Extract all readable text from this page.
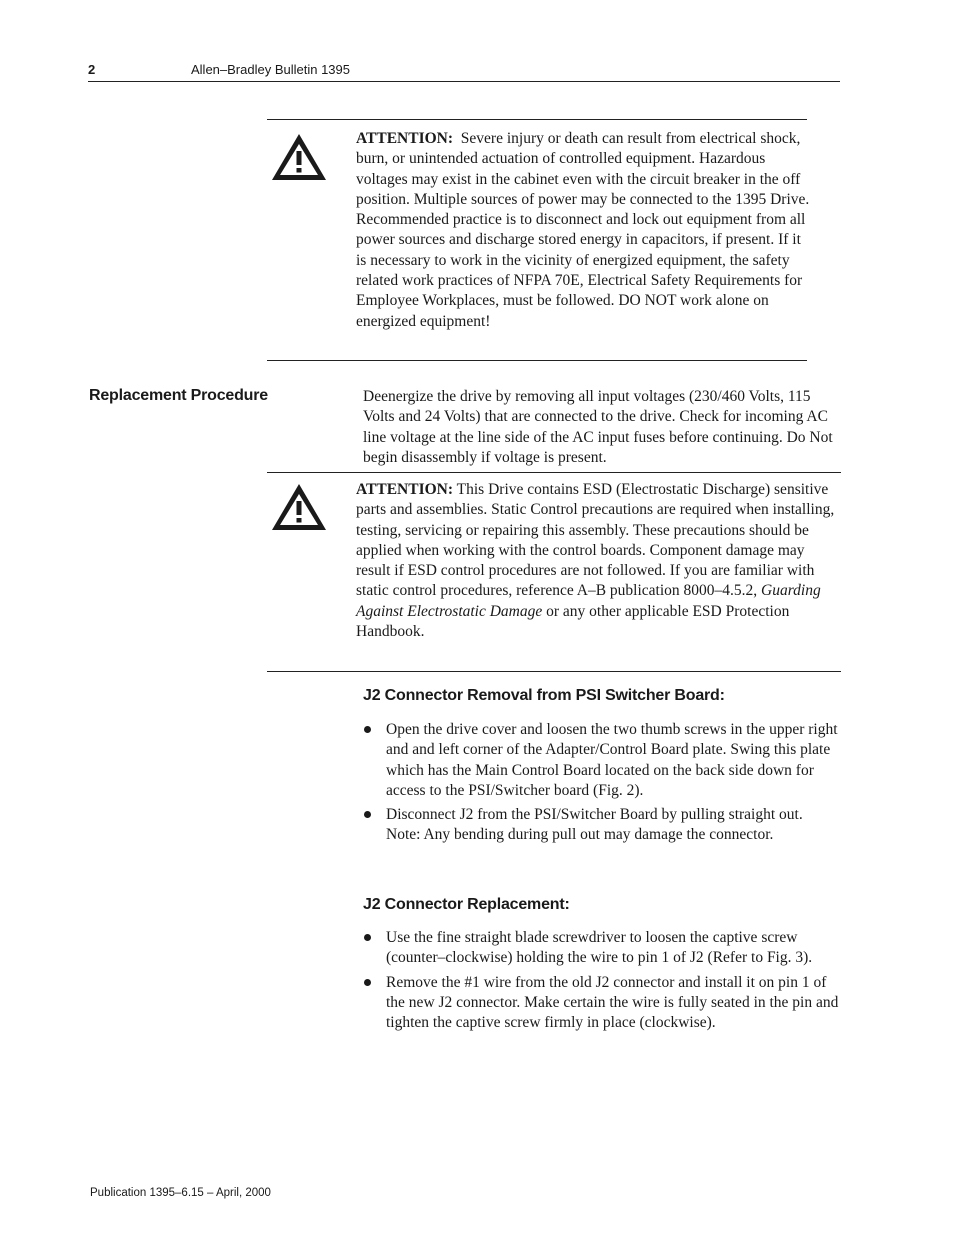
2	Allen–Bradley Bulletin 1395
ATTENTION: Severe injury or death can result from electrical shock, burn, or unintended actuation of controlled equipment. Hazardous voltages may exist in the cabinet even with the circuit breaker in the off position. Multiple sources of power may be connected to the 1395 Drive. Recommended practice is to disconnect and lock out equipment from all power sources and discharge stored energy in capacitors, if present. If it is necessary to work in the vicinity of energized equipment, the safety related work practices of NFPA 70E, Electrical Safety Requirements for Employee Workplaces, must be followed. DO NOT work alone on energized equipment!
Replacement Procedure	Deenergize the drive by removing all input voltages (230/460 Volts, 115 Volts and 24 Volts) that are connected to the drive. Check for incoming AC line voltage at the line side of the AC input fuses before continuing. Do Not begin disassembly if voltage is present.
ATTENTION: This Drive contains ESD (Electrostatic Discharge) sensitive parts and assemblies. Static Control precautions are required when installing, testing, servicing or repairing this assembly. These precautions should be applied when working with the control boards. Component damage may result if ESD control procedures are not followed. If you are familiar with static control procedures, reference A–B publication 8000–4.5.2, Guarding Against Electrostatic Damage or any other applicable ESD Protection Handbook.
J2 Connector Removal from PSI Switcher Board:
Open the drive cover and loosen the two thumb screws in the upper right and and left corner of the Adapter/Control Board plate. Swing this plate which has the Main Control Board located on the back side down for access to the PSI/Switcher board (Fig. 2).
Disconnect J2 from the PSI/Switcher Board by pulling straight out. Note: Any bending during pull out may damage the connector.
J2 Connector Replacement:
Use the fine straight blade screwdriver to loosen the captive screw (counter–clockwise) holding the wire to pin 1 of J2 (Refer to Fig. 3).
Remove the #1 wire from the old J2 connector and install it on pin 1 of the new J2 connector. Make certain the wire is fully seated in the pin and tighten the captive screw firmly in place (clockwise).
Publication 1395–6.15 – April, 2000
